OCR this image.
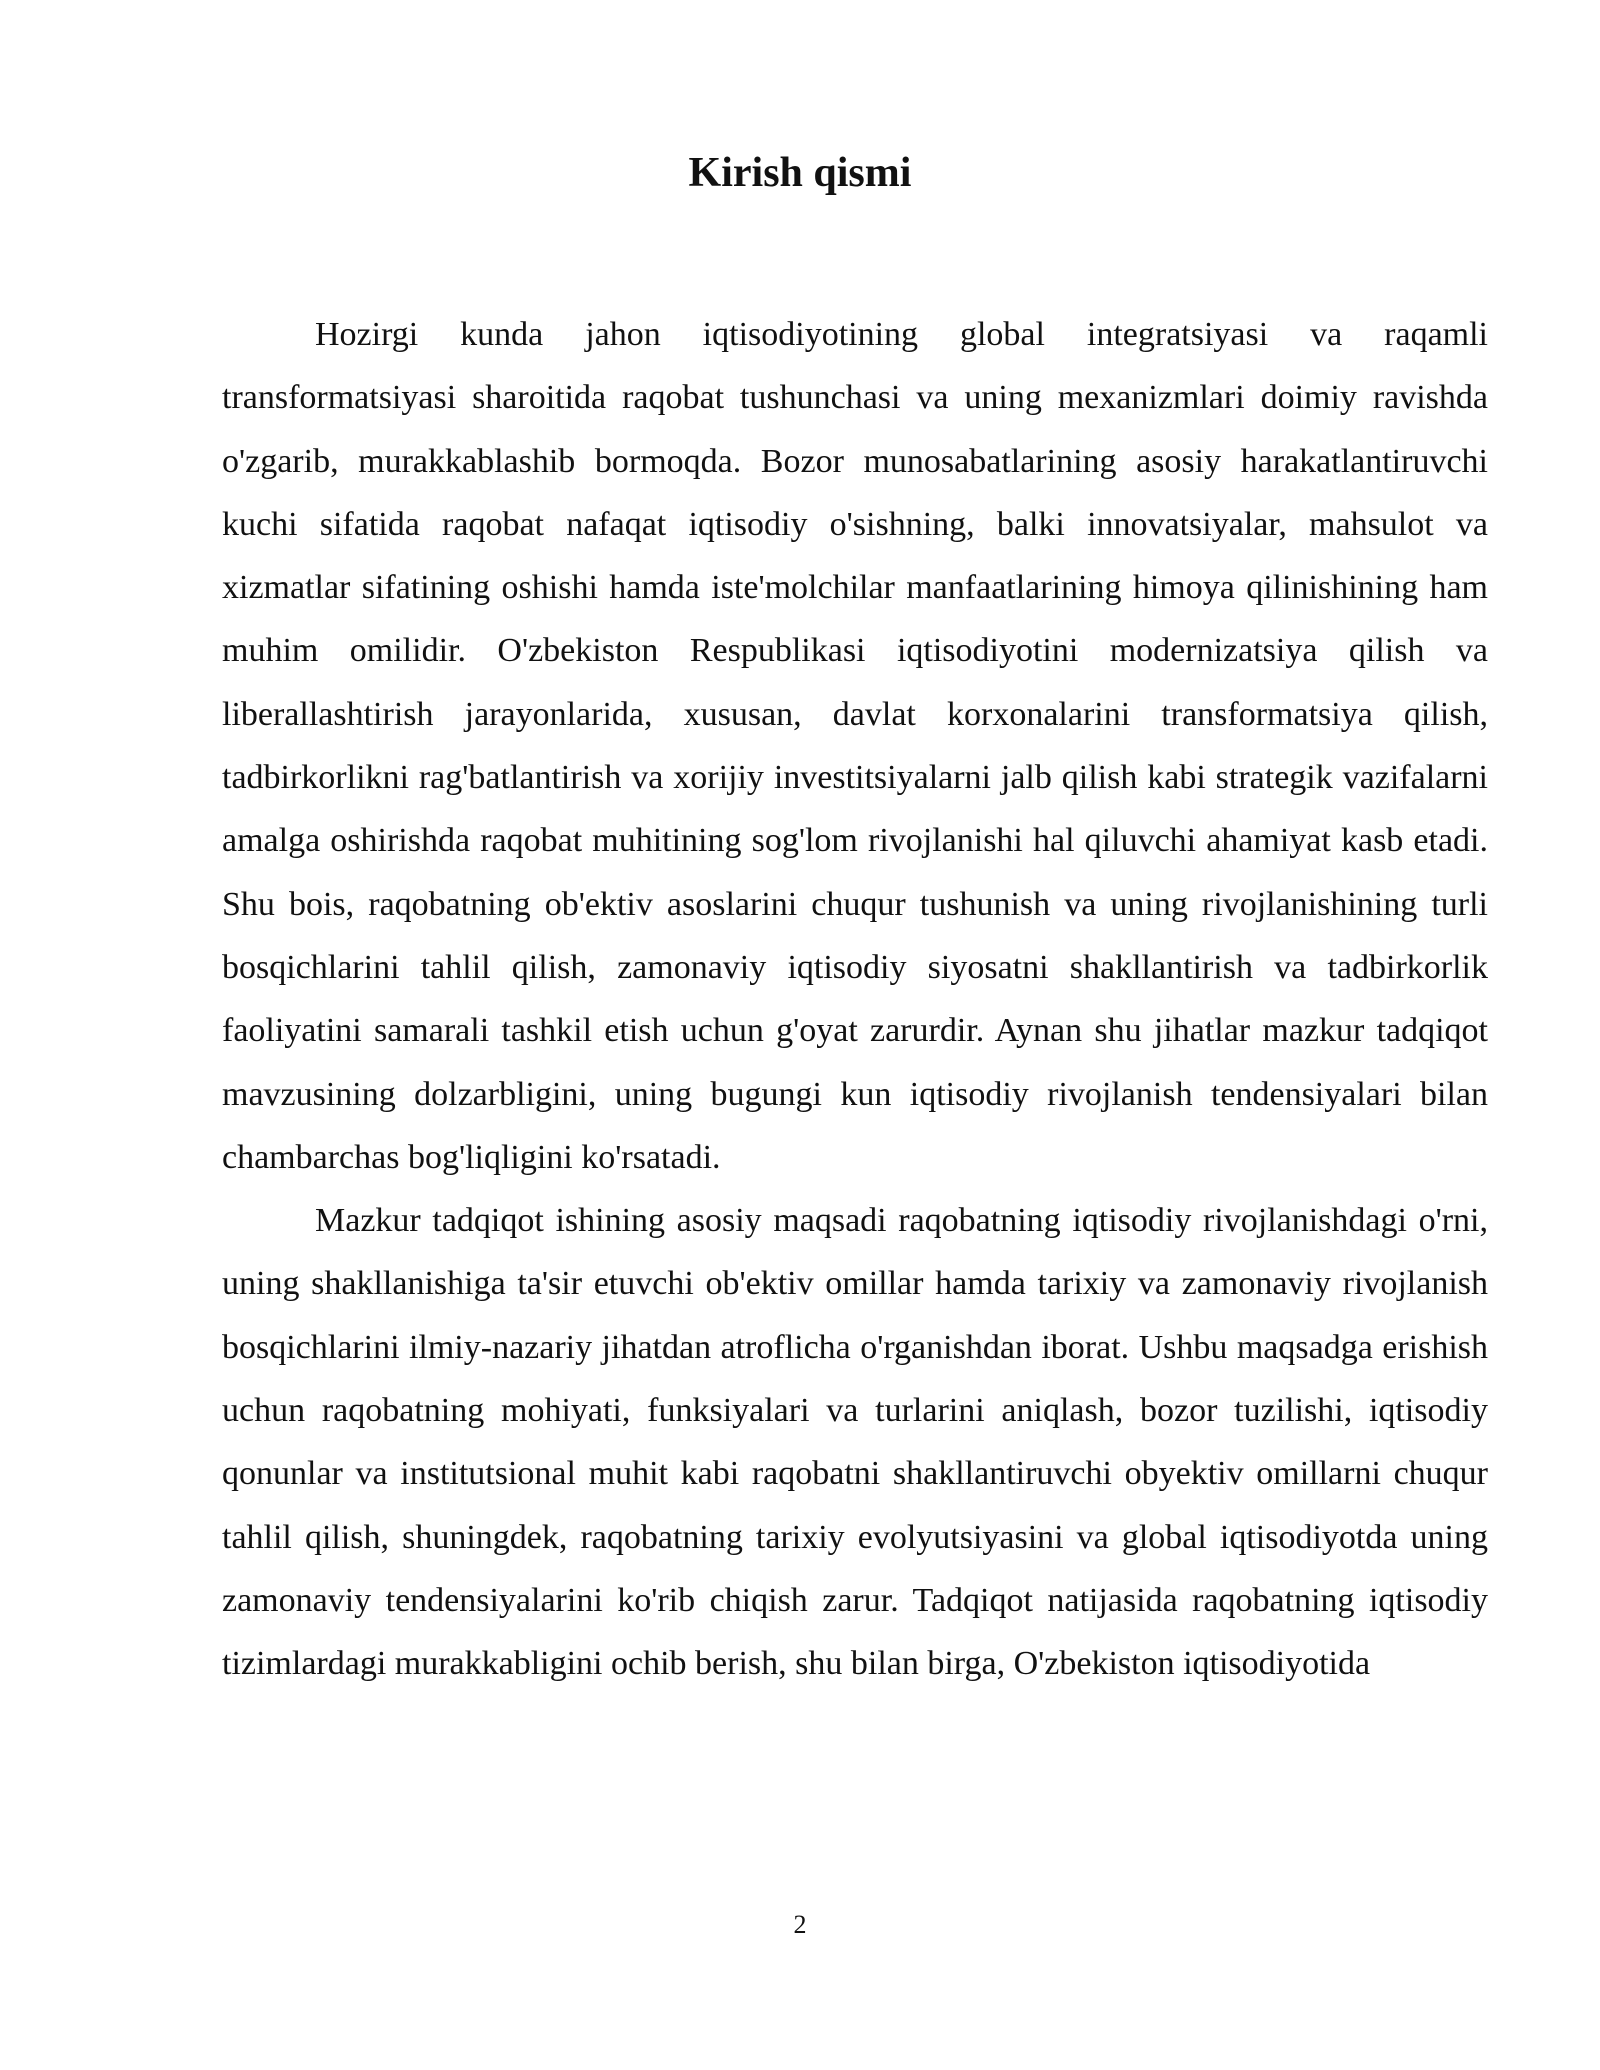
Kirish qismi

Hozirgi kunda jahon iqtisodiyotining global integratsiyasi va raqamli transformatsiyasi sharoitida raqobat tushunchasi va uning mexanizmlari doimiy ravishda o'zgarib, murakkablashib bormoqda. Bozor munosabatlarining asosiy harakatlantiruvchi kuchi sifatida raqobat nafaqat iqtisodiy o'sishning, balki innovatsiyalar, mahsulot va xizmatlar sifatining oshishi hamda iste'molchilar manfaatlarining himoya qilinishining ham muhim omilidir. O'zbekiston Respublikasi iqtisodiyotini modernizatsiya qilish va liberallashtirish jarayonlarida, xususan, davlat korxonalarini transformatsiya qilish, tadbirkorlikni rag'batlantirish va xorijiy investitsiyalarni jalb qilish kabi strategik vazifalarni amalga oshirishda raqobat muhitining sog'lom rivojlanishi hal qiluvchi ahamiyat kasb etadi. Shu bois, raqobatning ob'ektiv asoslarini chuqur tushunish va uning rivojlanishining turli bosqichlarini tahlil qilish, zamonaviy iqtisodiy siyosatni shakllantirish va tadbirkorlik faoliyatini samarali tashkil etish uchun g'oyat zarurdir. Aynan shu jihatlar mazkur tadqiqot mavzusining dolzarbligini, uning bugungi kun iqtisodiy rivojlanish tendensiyalari bilan chambarchas bog'liqligini ko'rsatadi.

Mazkur tadqiqot ishining asosiy maqsadi raqobatning iqtisodiy rivojlanishdagi o'rni, uning shakllanishiga ta'sir etuvchi ob'ektiv omillar hamda tarixiy va zamonaviy rivojlanish bosqichlarini ilmiy-nazariy jihatdan atroflicha o'rganishdan iborat. Ushbu maqsadga erishish uchun raqobatning mohiyati, funksiyalari va turlarini aniqlash, bozor tuzilishi, iqtisodiy qonunlar va institutsional muhit kabi raqobatni shakllantiruvchi obyektiv omillarni chuqur tahlil qilish, shuningdek, raqobatning tarixiy evolyutsiyasini va global iqtisodiyotda uning zamonaviy tendensiyalarini ko'rib chiqish zarur. Tadqiqot natijasida raqobatning iqtisodiy tizimlardagi murakkabligini ochib berish, shu bilan birga, O'zbekiston iqtisodiyotida

2
